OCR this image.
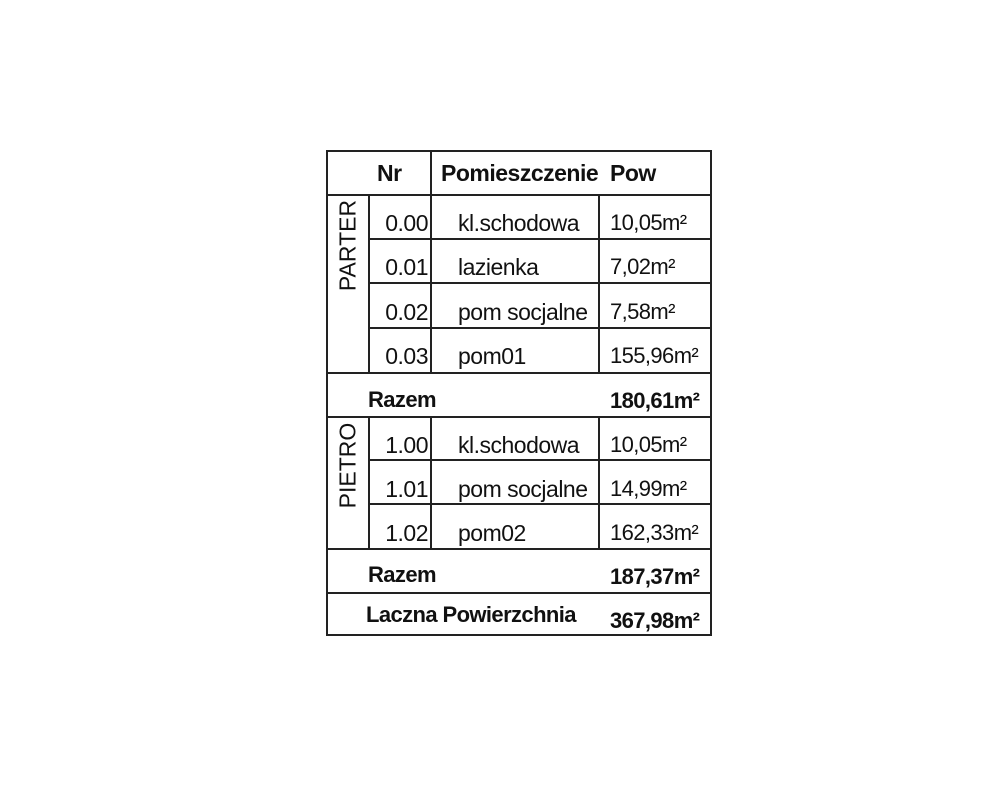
Nr Pomieszczenie Pow
PARTER	0.00 kl.schodowa 10,05m²
0.01 lazienka	7,02m²
0.02 pom socjalne 7,58m²
0.03 pom01	155,96m²
Razem	180,61m²
PIETRO	1.00 kl.schodowa 10,05m²
1.01 pom socjalne 14,99m²
1.02 pom02	162,33m²
Razem	187,37m²
Laczna Powierzchnia 367,98m²
